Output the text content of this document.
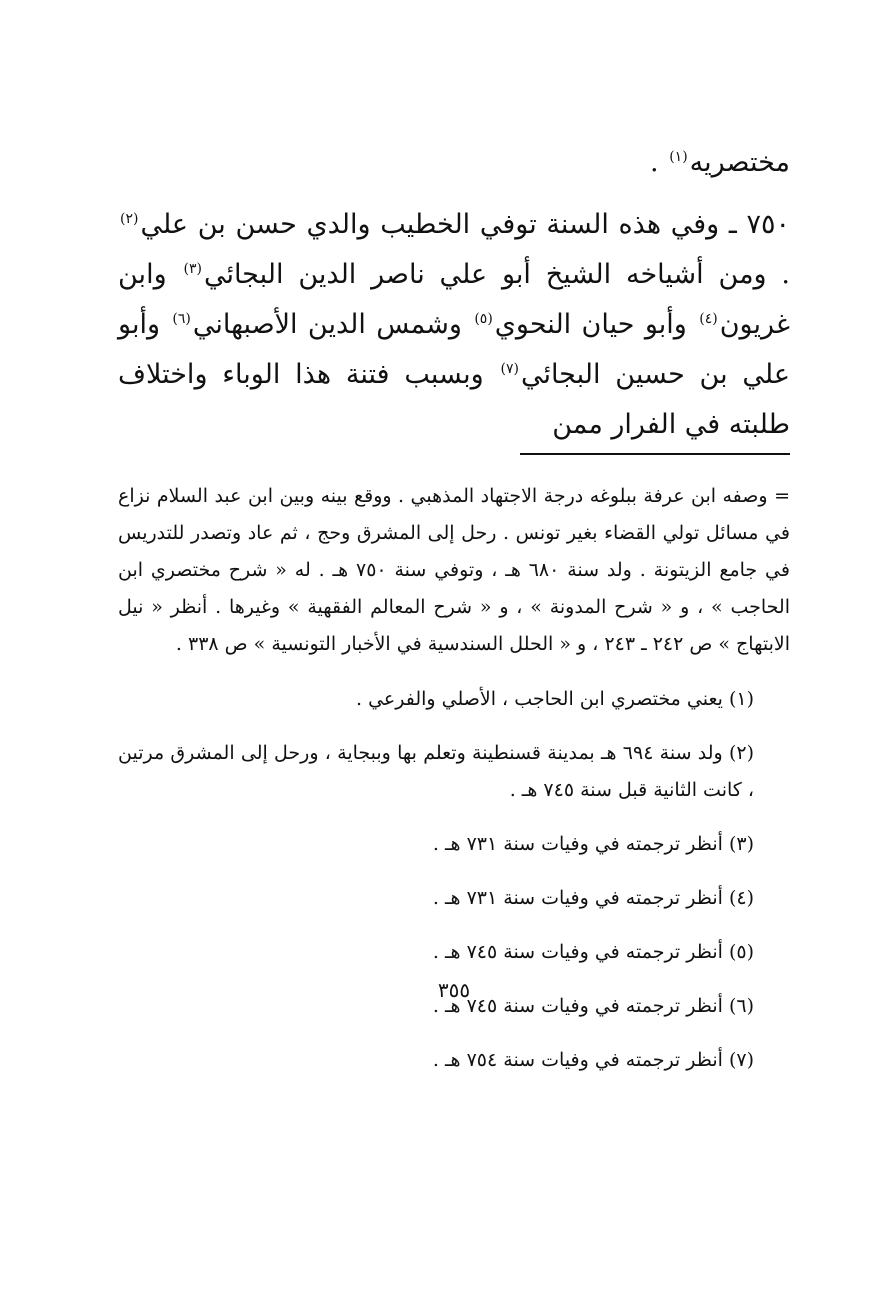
مختصريه$^{(١)}$ .

٧٥٠ ـ وفي هذه السنة توفي الخطيب والدي حسن بن علي$^{(٢)}$ . ومن أشياخه الشيخ أبو علي ناصر الدين البجائي$^{(٣)}$ وابن غريون$^{(٤)}$ وأبو حيان النحوي$^{(٥)}$ وشمس الدين الأصبهاني$^{(٦)}$ وأبو علي بن حسين البجائي$^{(٧)}$ وبسبب فتنة هذا الوباء واختلاف طلبته في الفرار ممن

= وصفه ابن عرفة ببلوغه درجة الاجتهاد المذهبي . ووقع بينه وبين ابن عبد السلام نزاع في مسائل تولي القضاء بغير تونس . رحل إلى المشرق وحج ، ثم عاد وتصدر للتدريس في جامع الزيتونة . ولد سنة ٦٨٠ هـ ، وتوفي سنة ٧٥٠ هـ . له « شرح مختصري ابن الحاجب » ، و « شرح المدونة » ، و « شرح المعالم الفقهية » وغيرها . أنظر « نيل الابتهاج » ص ٢٤٢ ـ ٢٤٣ ، و « الحلل السندسية في الأخبار التونسية » ص ٣٣٨ .

(١) يعني مختصري ابن الحاجب ، الأصلي والفرعي .

(٢) ولد سنة ٦٩٤ هـ بمدينة قسنطينة وتعلم بها وببجاية ، ورحل إلى المشرق مرتين ، كانت الثانية قبل سنة ٧٤٥ هـ .

(٣) أنظر ترجمته في وفيات سنة ٧٣١ هـ .

(٤) أنظر ترجمته في وفيات سنة ٧٣١ هـ .

(٥) أنظر ترجمته في وفيات سنة ٧٤٥ هـ .

(٦) أنظر ترجمته في وفيات سنة ٧٤٥ هـ .

(٧) أنظر ترجمته في وفيات سنة ٧٥٤ هـ .

٣٥٥
